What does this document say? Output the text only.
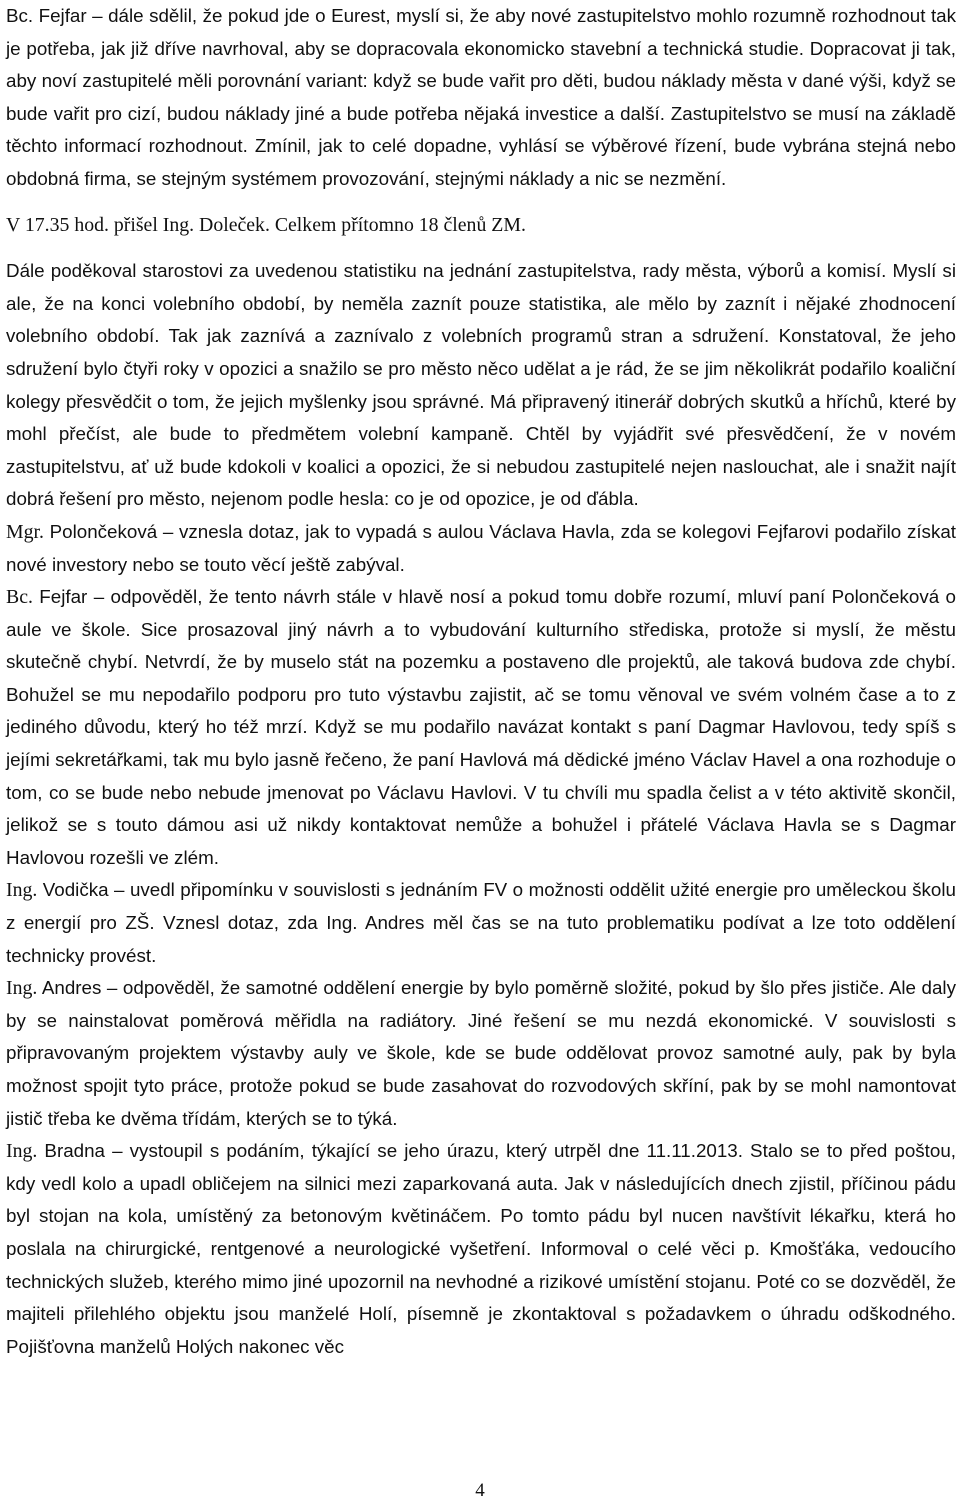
Bc. Fejfar – dále sdělil, že pokud jde o Eurest, myslí si, že aby nové zastupitelstvo mohlo rozumně rozhodnout tak je potřeba, jak již dříve navrhoval, aby se dopracovala ekonomicko stavební a technická studie. Dopracovat ji tak, aby noví zastupitelé měli porovnání variant: když se bude vařit pro děti, budou náklady města v dané výši, když se bude vařit pro cizí, budou náklady jiné a bude potřeba nějaká investice a další. Zastupitelstvo se musí na základě těchto informací rozhodnout. Zmínil, jak to celé dopadne, vyhlásí se výběrové řízení, bude vybrána stejná nebo obdobná firma, se stejným systémem provozování, stejnými náklady a nic se nezmění.

V 17.35 hod. přišel Ing. Doleček. Celkem přítomno 18 členů ZM.

Dále poděkoval starostovi za uvedenou statistiku na jednání zastupitelstva, rady města, výborů a komisí. Myslí si ale, že na konci volebního období, by neměla zaznít pouze statistika, ale mělo by zaznít i nějaké zhodnocení volebního období. Tak jak zaznívá a zaznívalo z volebních programů stran a sdružení. Konstatoval, že jeho sdružení bylo čtyři roky v opozici a snažilo se pro město něco udělat a je rád, že se jim několikrát podařilo koaliční kolegy přesvědčit o tom, že jejich myšlenky jsou správné. Má připravený itinerář dobrých skutků a hříchů, které by mohl přečíst, ale bude to předmětem volební kampaně. Chtěl by vyjádřit své přesvědčení, že v novém zastupitelstvu, ať už bude kdokoli v koalici a opozici, že si nebudou zastupitelé nejen naslouchat, ale i snažit najít dobrá řešení pro město, nejenom podle hesla: co je od opozice, je od ďábla.

Mgr. Polončeková – vznesla dotaz, jak to vypadá s aulou Václava Havla, zda se kolegovi Fejfarovi podařilo získat nové investory nebo se touto věcí ještě zabýval.

Bc. Fejfar – odpověděl, že tento návrh stále v hlavě nosí a pokud tomu dobře rozumí, mluví paní Polončeková o aule ve škole. Sice prosazoval jiný návrh a to vybudování kulturního střediska, protože si myslí, že městu skutečně chybí. Netvrdí, že by muselo stát na pozemku a postaveno dle projektů, ale taková budova zde chybí. Bohužel se mu nepodařilo podporu pro tuto výstavbu zajistit, ač se tomu věnoval ve svém volném čase a to z jediného důvodu, který ho též mrzí. Když se mu podařilo navázat kontakt s paní Dagmar Havlovou, tedy spíš s jejími sekretářkami, tak mu bylo jasně řečeno, že paní Havlová má dědické jméno Václav Havel a ona rozhoduje o tom, co se bude nebo nebude jmenovat po Václavu Havlovi. V tu chvíli mu spadla čelist a v této aktivitě skončil, jelikož se s touto dámou asi už nikdy kontaktovat nemůže a bohužel i přátelé Václava Havla se s Dagmar Havlovou rozešli ve zlém.

Ing. Vodička – uvedl připomínku v souvislosti s jednáním FV o možnosti oddělit užité energie pro uměleckou školu z energií pro ZŠ. Vznesl dotaz, zda Ing. Andres měl čas se na tuto problematiku podívat a lze toto oddělení technicky provést.

Ing. Andres – odpověděl, že samotné oddělení energie by bylo poměrně složité, pokud by šlo přes jističe. Ale daly by se nainstalovat poměrová měřidla na radiátory. Jiné řešení se mu nezdá ekonomické. V souvislosti s připravovaným projektem výstavby auly ve škole, kde se bude oddělovat provoz samotné auly, pak by byla možnost spojit tyto práce, protože pokud se bude zasahovat do rozvodových skříní, pak by se mohl namontovat jistič třeba ke dvěma třídám, kterých se to týká.

Ing. Bradna – vystoupil s podáním, týkající se jeho úrazu, který utrpěl dne 11.11.2013. Stalo se to před poštou, kdy vedl kolo a upadl obličejem na silnici mezi zaparkovaná auta. Jak v následujících dnech zjistil, příčinou pádu byl stojan na kola, umístěný za betonovým květináčem. Po tomto pádu byl nucen navštívit lékařku, která ho poslala na chirurgické, rentgenové a neurologické vyšetření. Informoval o celé věci p. Kmošťáka, vedoucího technických služeb, kterého mimo jiné upozornil na nevhodné a rizikové umístění stojanu. Poté co se dozvěděl, že majiteli přilehlého objektu jsou manželé Holí, písemně je zkontaktoval s požadavkem o úhradu odškodného. Pojišťovna manželů Holých nakonec věc

4
